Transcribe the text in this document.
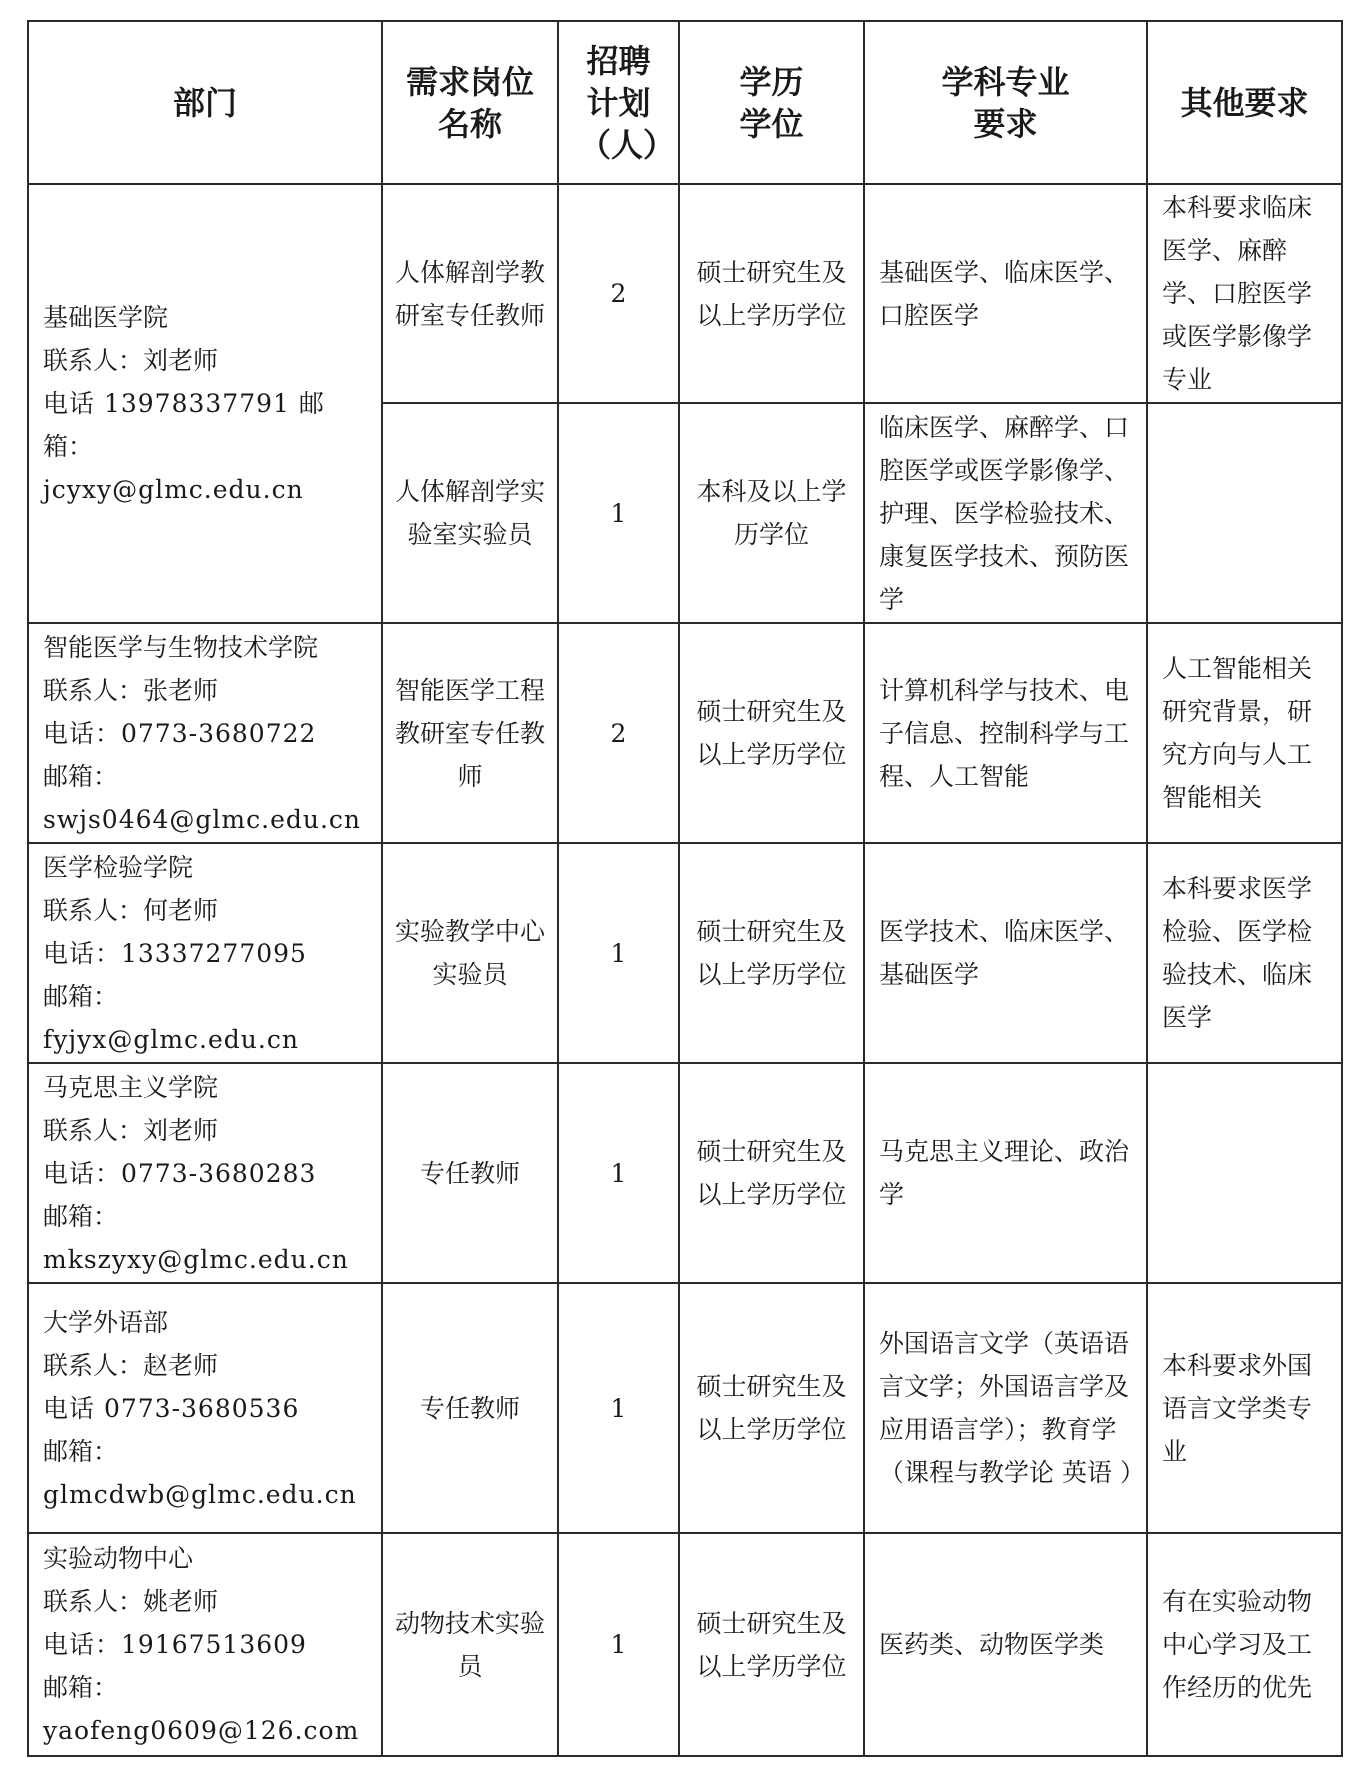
部门	需求岗位名称	招聘计划（人）	学历学位	学科专业要求	其他要求

基础医学院
联系人：刘老师
电话 13978337791 邮
箱：
jcyxy@glmc.edu.cn	人体解剖学教研室专任教师	2	硕士研究生及以上学历学位	基础医学、临床医学、口腔医学	本科要求临床医学、麻醉学、口腔医学或医学影像学专业
	人体解剖学实验室实验员	1	本科及以上学历学位	临床医学、麻醉学、口腔医学或医学影像学、护理、医学检验技术、康复医学技术、预防医学	

智能医学与生物技术学院
联系人：张老师
电话：0773-3680722
邮箱：
swjs0464@glmc.edu.cn	智能医学工程教研室专任教师	2	硕士研究生及以上学历学位	计算机科学与技术、电子信息、控制科学与工程、人工智能	人工智能相关研究背景，研究方向与人工智能相关

医学检验学院
联系人：何老师
电话：13337277095
邮箱：
fyjyx@glmc.edu.cn	实验教学中心实验员	1	硕士研究生及以上学历学位	医学技术、临床医学、基础医学	本科要求医学检验、医学检验技术、临床医学

马克思主义学院
联系人：刘老师
电话：0773-3680283
邮箱：
mkszyxy@glmc.edu.cn	专任教师	1	硕士研究生及以上学历学位	马克思主义理论、政治学	

大学外语部
联系人：赵老师
电话 0773-3680536
邮箱：
glmcdwb@glmc.edu.cn	专任教师	1	硕士研究生及以上学历学位	外国语言文学（英语语言文学；外国语言学及应用语言学）；教育学（课程与教学论 英语 ）	本科要求外国语言文学类专业

实验动物中心
联系人：姚老师
电话：19167513609
邮箱：
yaofeng0609@126.com	动物技术实验员	1	硕士研究生及以上学历学位	医药类、动物医学类	有在实验动物中心学习及工作经历的优先
